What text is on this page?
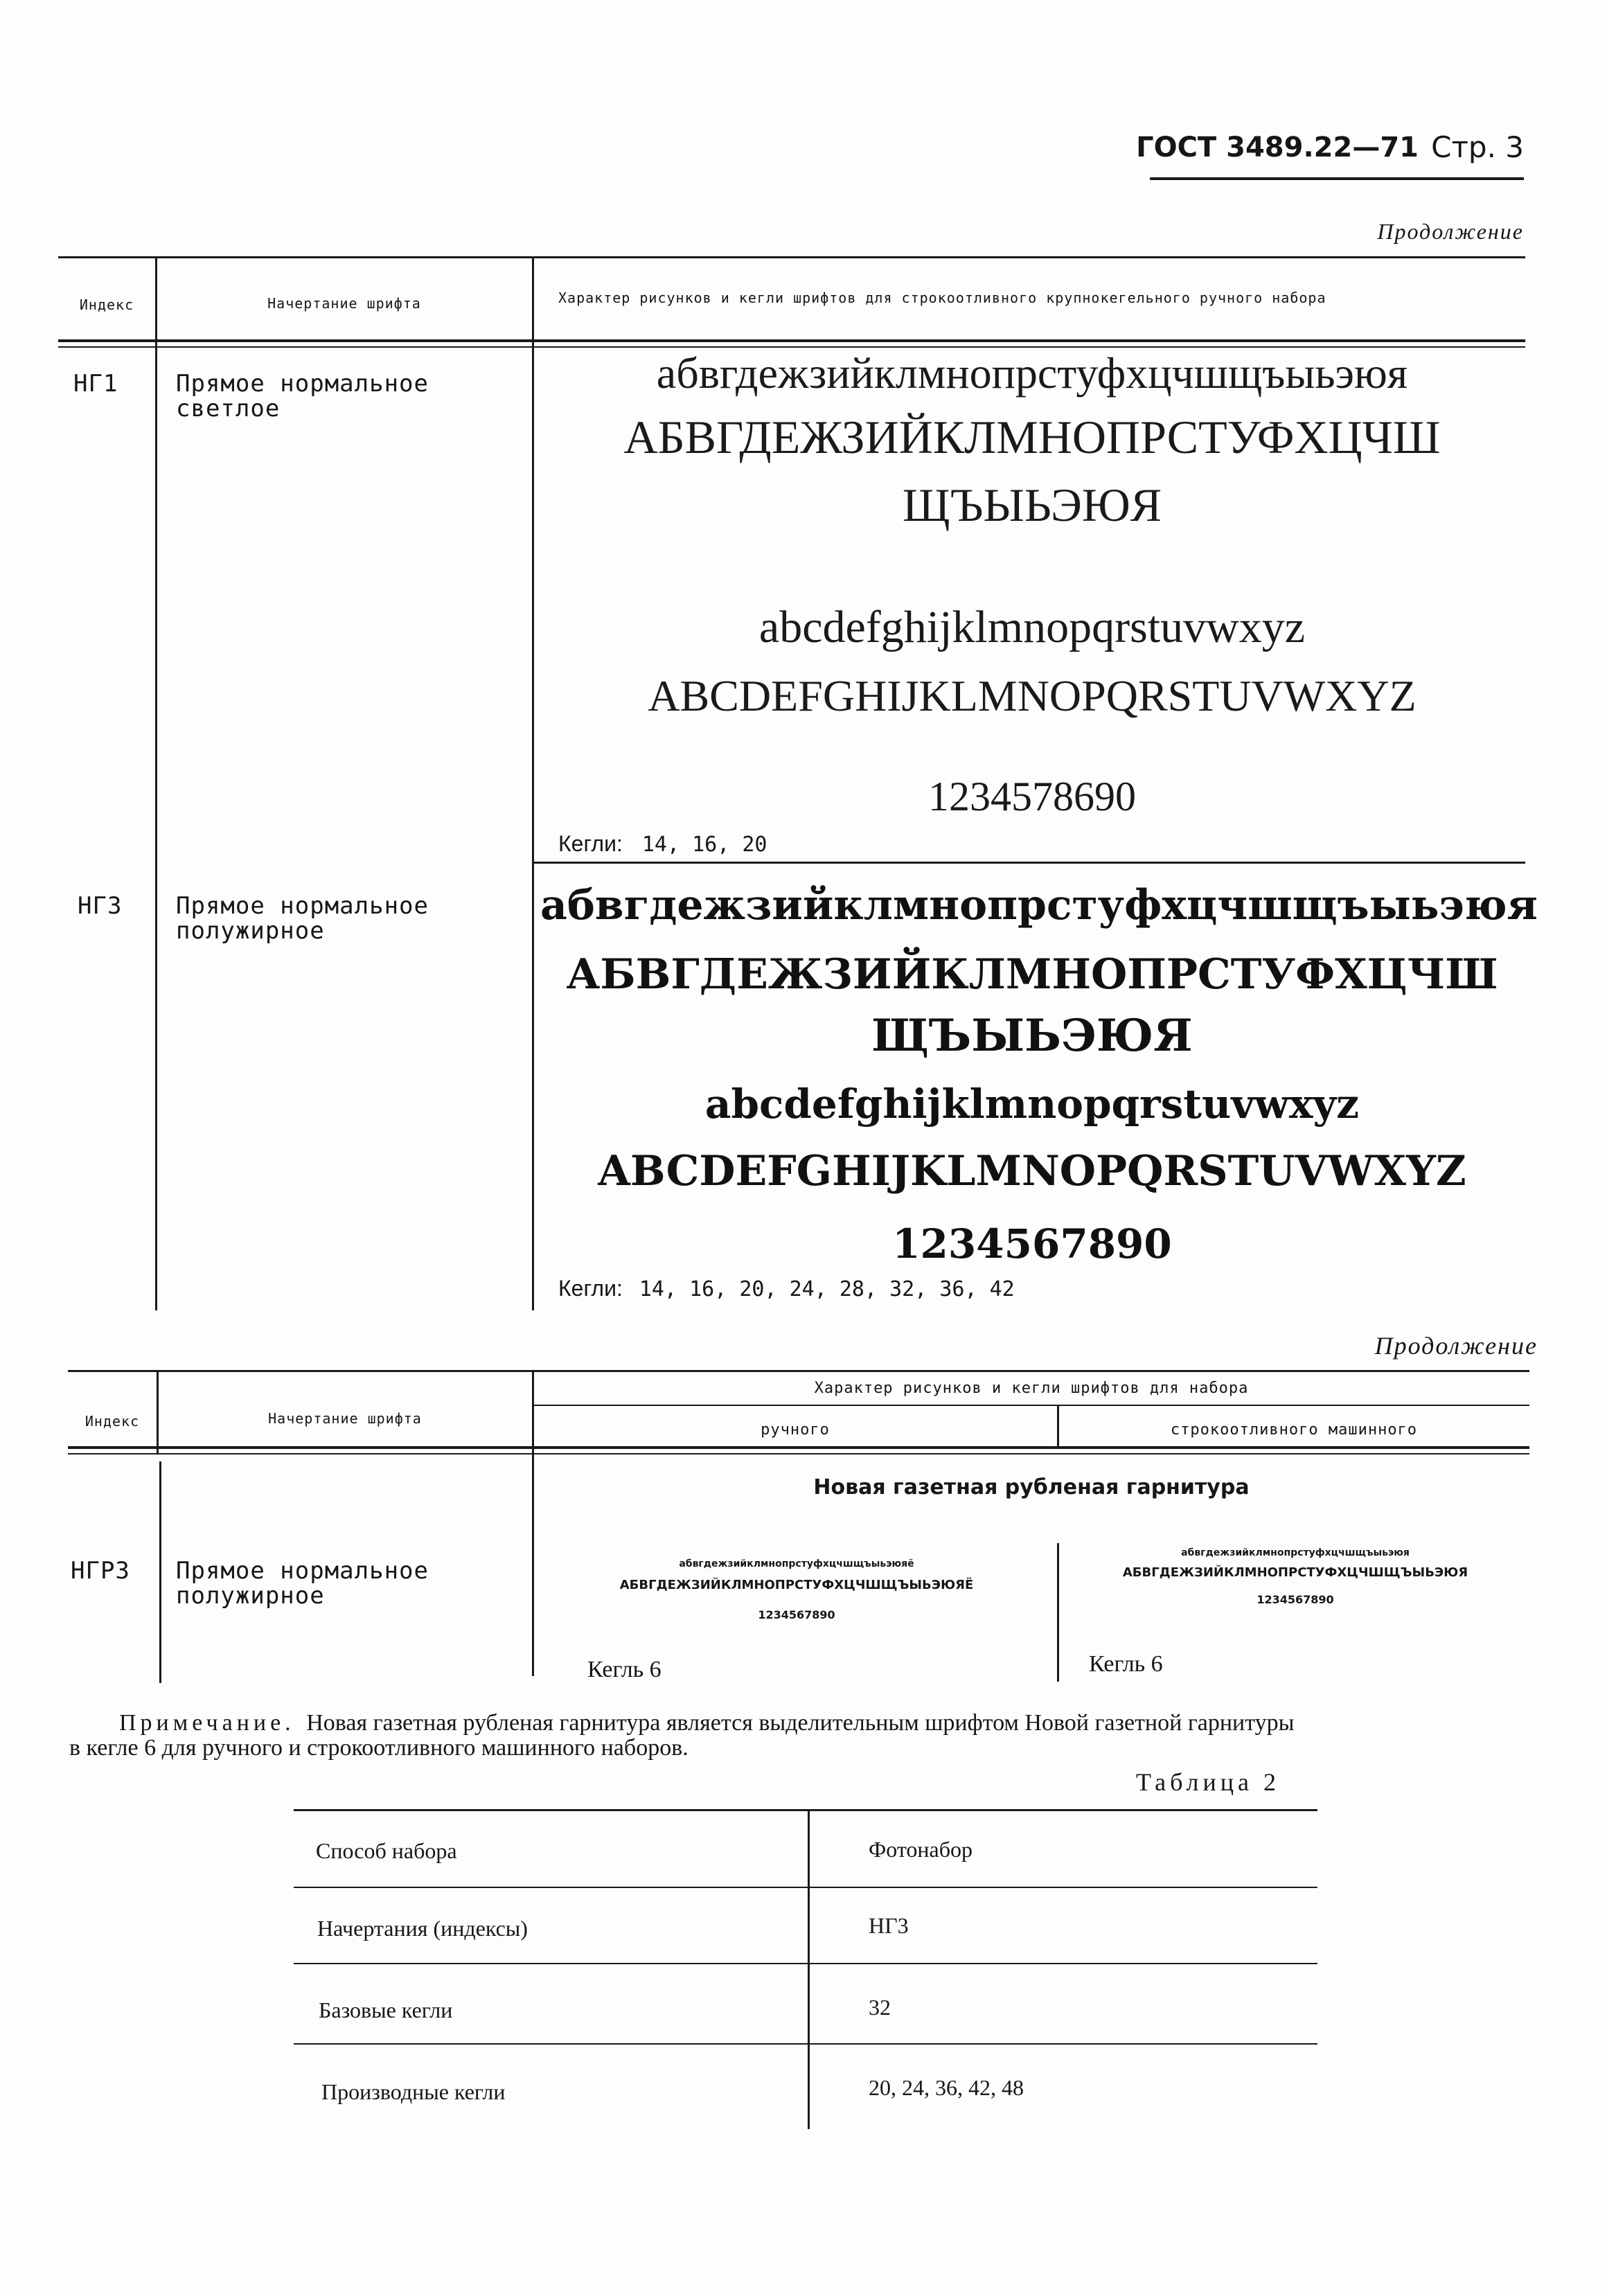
ГОСТ 3489.22—71 Стр. 3
Продолжение
Индекс	Начертание шрифта	Характер рисунков и кегли шрифтов для строкоотливного крупнокегельного ручного набора
НГ1 Прямое нормальное светлое
абвгдежзийклмнопрстуфхцчшщъыьэюя
АБВГДЕЖЗИЙКЛМНОПРСТУФХЦЧШ
ЩЪЫЬЭЮЯ
abcdefghijklmnopqrstuvwxyz
ABCDEFGHIJKLMNOPQRSTUVWXYZ
1234578690
Кегли: 14, 16, 20
НГ3 Прямое нормальное полужирное
абвгдежзийклмнопрстуфхцчшщъыьэюя
АБВГДЕЖЗИЙКЛМНОПРСТУФХЦЧШ
ЩЪЫЬЭЮЯ
abcdefghijklmnopqrstuvwxyz
ABCDEFGHIJKLMNOPQRSTUVWXYZ
1234567890
Кегли: 14, 16, 20, 24, 28, 32, 36, 42
Продолжение
Индекс	Начертание шрифта
Характер рисунков и кегли шрифтов для набора
ручного	строкоотливного машинного
Новая газетная рубленая гарнитура
НГР3 Прямое нормальное полужирное
абвгдежзийклмнопрстуфхцчшщъыьэюяё
АБВГДЕЖЗИЙКЛМНОПРСТУФХЦЧШЩЪЫЬЭЮЯЁ
1234567890
Кегль 6
абвгдежзийклмнопрстуфхцчшщъыьэюя
АБВГДЕЖЗИЙКЛМНОПРСТУФХЦЧШЩЪЫЬЭЮЯ
1234567890
Кегль 6
Примечание. Новая газетная рубленая гарнитура является выделительным шрифтом Новой газетной гарнитуры
в кегле 6 для ручного и строкоотливного машинного наборов.
Таблица 2
Способ набора	Фотонабор
Начертания (индексы)	НГ3
Базовые кегли	32
Производные кегли	20, 24, 36, 42, 48
